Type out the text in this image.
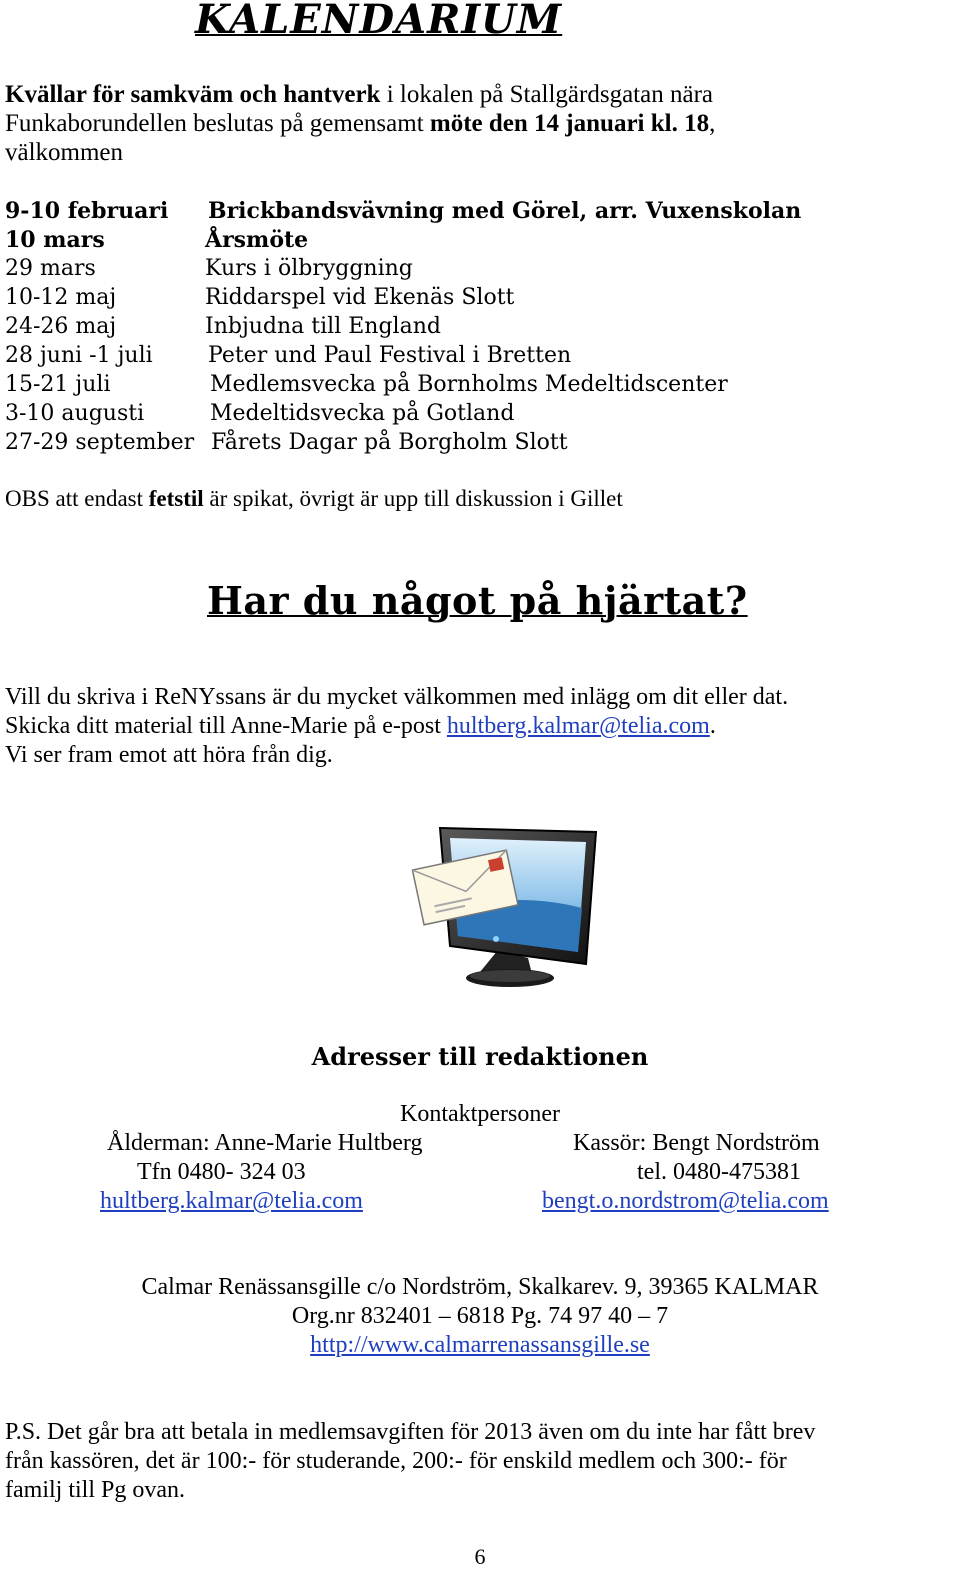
KALENDARIUM
Kvällar för samkväm och hantverk i lokalen på Stallgärdsgatan nära
Funkaborundellen beslutas på gemensamt möte den 14 januari kl. 18,
välkommen
9-10 februari Brickbandsvävning med Görel, arr. Vuxenskolan
10 mars	Årsmöte
29 mars	Kurs i ölbryggning
10-12 maj	Riddarspel vid Ekenäs Slott
24-26 maj	Inbjudna till England
28 juni -1 juli	Peter und Paul Festival i Bretten
15-21 juli	Medlemsvecka på Bornholms Medeltidscenter
3-10 augusti	Medeltidsvecka på Gotland
27-29 september Fårets Dagar på Borgholm Slott
OBS att endast fetstil är spikat, övrigt är upp till diskussion i Gillet
Har du något på hjärtat?
Vill du skriva i ReNYssans är du mycket välkommen med inlägg om dit eller dat.
Skicka ditt material till Anne-Marie på e-post hultberg.kalmar@telia.com.
Vi ser fram emot att höra från dig.
Adresser till redaktionen
Kontaktpersoner
Ålderman: Anne-Marie Hultberg
Tfn 0480- 324 03
hultberg.kalmar@telia.com
Kassör: Bengt Nordström
tel. 0480-475381
bengt.o.nordstrom@telia.com
Calmar Renässansgille c/o Nordström, Skalkarev. 9, 39365 KALMAR
Org.nr 832401 – 6818 Pg. 74 97 40 – 7
http://www.calmarrenassansgille.se
P.S. Det går bra att betala in medlemsavgiften för 2013 även om du inte har fått brev
från kassören, det är 100:- för studerande, 200:- för enskild medlem och 300:- för
familj till Pg ovan.
6
